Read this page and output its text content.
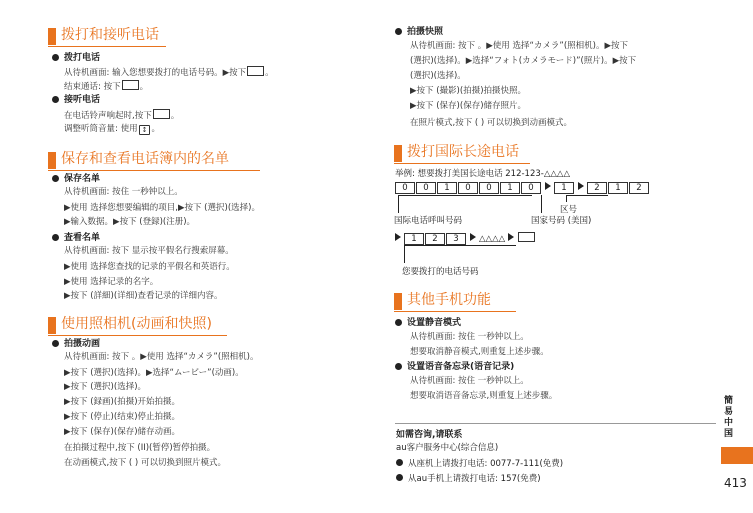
拨打和接听电话
拨打电话
从待机画面: 输入您想要拨打的电话号码。▶按下 。
结束通话: 按下 。
接听电话
在电话铃声响起时,按下 。
调整听筒音量: 使用 ↕ 。
保存和查看电话簿内的名单
保存名单
从待机画面: 按住 一秒钟以上。
▶使用 选择您想要编辑的项目,▶按下 (選択)(选择)。
▶输入数据。▶按下 (登録)(注册)。
查看名单
从待机画面: 按下 显示按平假名行搜索屏幕。
▶使用 选择您查找的记录的平假名和英语行。
▶使用 选择记录的名字。
▶按下 (詳細)(详细)查看记录的详细内容。
使用照相机(动画和快照)
拍摄动画
从待机画面: 按下 。▶使用 选择“カメラ”(照相机)。
▶按下 (選択)(选择)。▶选择“ムービー”(动画)。
▶按下 (選択)(选择)。
▶按下 (録画)(拍摄)开始拍摄。
▶按下 (停止)(结束)停止拍摄。
▶按下 (保存)(保存)储存动画。
在拍摄过程中,按下 (II)(暂停)暂停拍摄。
在动画模式,按下 ( ) 可以切换到照片模式。
拍摄快照
从待机画面: 按下 。▶使用 选择“カメラ”(照相机)。▶按下
(選択)(选择)。▶选择“フォト(カメラモード)”(照片)。▶按下
(選択)(选择)。
▶按下 (撮影)(拍摄)拍摄快照。
▶按下 (保存)(保存)储存照片。
在照片模式,按下 ( ) 可以切换到动画模式。
拨打国际长途电话
举例: 想要拨打美国长途电话 212-123-△△△△
0 0 1 0 0 1 0	1	2 1 2
区号
国际电话呼叫号码	国家号码 (美国)
1 2 3 △△△△
您要拨打的电话号码
其他手机功能
设置静音模式
从待机画面: 按住 一秒钟以上。
想要取消静音模式,则重复上述步骤。
设置语音备忘录(语音记录)
从待机画面: 按住 一秒钟以上。
想要取消语音备忘录,则重复上述步骤。
如需咨询,请联系
au客户服务中心(综合信息)
从座机上请拨打电话: 0077-7-111(免费)
从au手机上请拨打电话: 157(免费)
簡
易
中
国
413
